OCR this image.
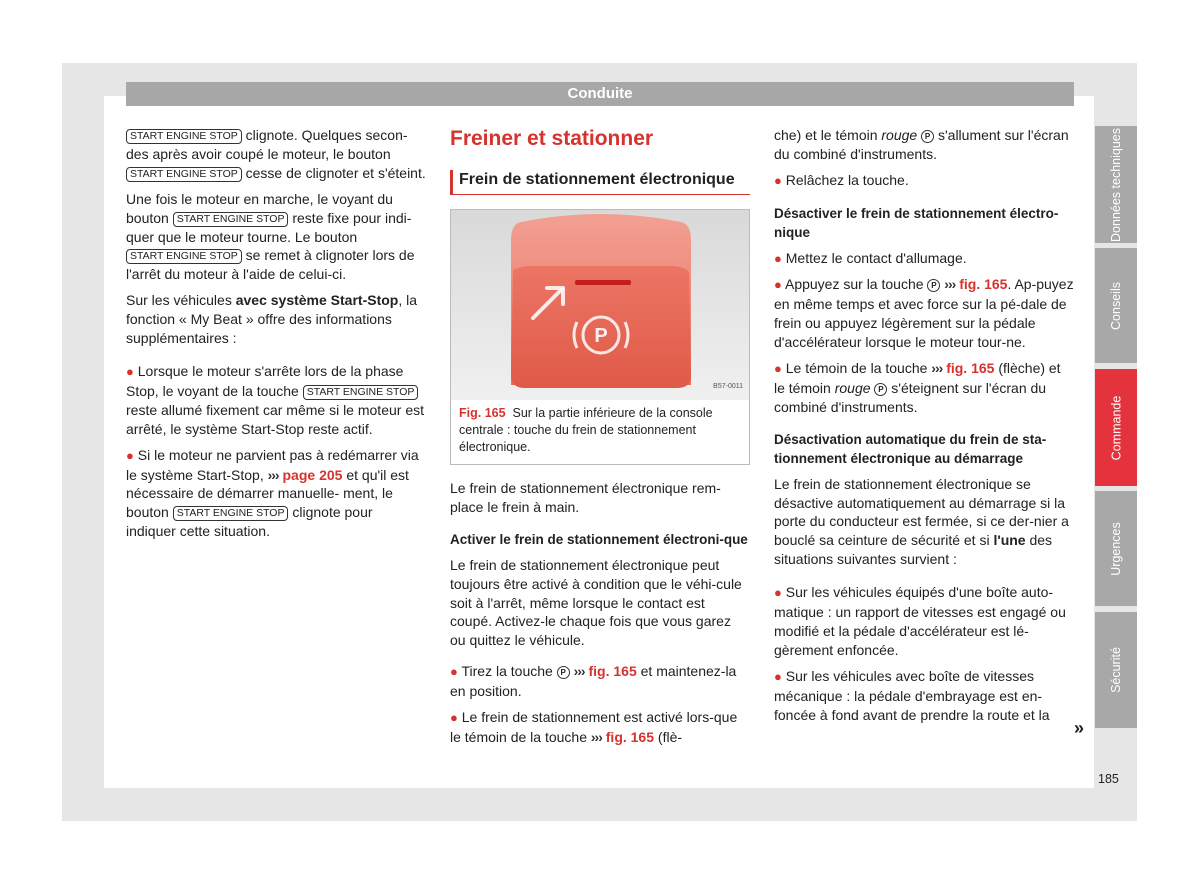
Conduite

START ENGINE STOP clignote. Quelques secon- des après avoir coupé le moteur, le bouton START ENGINE STOP cesse de clignoter et s'éteint.

Une fois le moteur en marche, le voyant du bouton START ENGINE STOP reste fixe pour indi- quer que le moteur tourne. Le bouton START ENGINE STOP se remet à clignoter lors de l'arrêt du moteur à l'aide de celui-ci.

Sur les véhicules avec système Start-Stop, la fonction « My Beat » offre des informations supplémentaires :

● Lorsque le moteur s'arrête lors de la phase Stop, le voyant de la touche START ENGINE STOP reste allumé fixement car même si le moteur est arrêté, le système Start-Stop reste actif.

● Si le moteur ne parvient pas à redémarrer via le système Start-Stop, ››› page 205 et qu'il est nécessaire de démarrer manuelle- ment, le bouton START ENGINE STOP clignote pour indiquer cette situation.

Freiner et stationner
Frein de stationnement électronique
P
B57-0011
Fig. 165 Sur la partie inférieure de la console centrale : touche du frein de stationnement électronique.

Le frein de stationnement électronique rem-place le frein à main.

Activer le frein de stationnement électroni-que

Le frein de stationnement électronique peut toujours être activé à condition que le véhi-cule soit à l'arrêt, même lorsque le contact est coupé. Activez-le chaque fois que vous garez ou quittez le véhicule.

● Tirez la touche P ››› fig. 165 et maintenez-la en position.

● Le frein de stationnement est activé lors-que le témoin de la touche ››› fig. 165 (flè-

che) et le témoin rouge P s'allument sur l'écran du combiné d'instruments.

● Relâchez la touche.

Désactiver le frein de stationnement électro-nique

● Mettez le contact d'allumage.

● Appuyez sur la touche P ››› fig. 165. Ap-puyez en même temps et avec force sur la pé-dale de frein ou appuyez légèrement sur la pédale d'accélérateur lorsque le moteur tour-ne.

● Le témoin de la touche ››› fig. 165 (flèche) et le témoin rouge P s'éteignent sur l'écran du combiné d'instruments.

Désactivation automatique du frein de sta-tionnement électronique au démarrage

Le frein de stationnement électronique se désactive automatiquement au démarrage si la porte du conducteur est fermée, si ce der-nier a bouclé sa ceinture de sécurité et si l'une des situations suivantes survient :

● Sur les véhicules équipés d'une boîte auto-matique : un rapport de vitesses est engagé ou modifié et la pédale d'accélérateur est lé-gèrement enfoncée.

● Sur les véhicules avec boîte de vitesses mécanique : la pédale d'embrayage est en-foncée à fond avant de prendre la route et la

»
Données techniques
Conseils
Commande
Urgences
Sécurité
185
